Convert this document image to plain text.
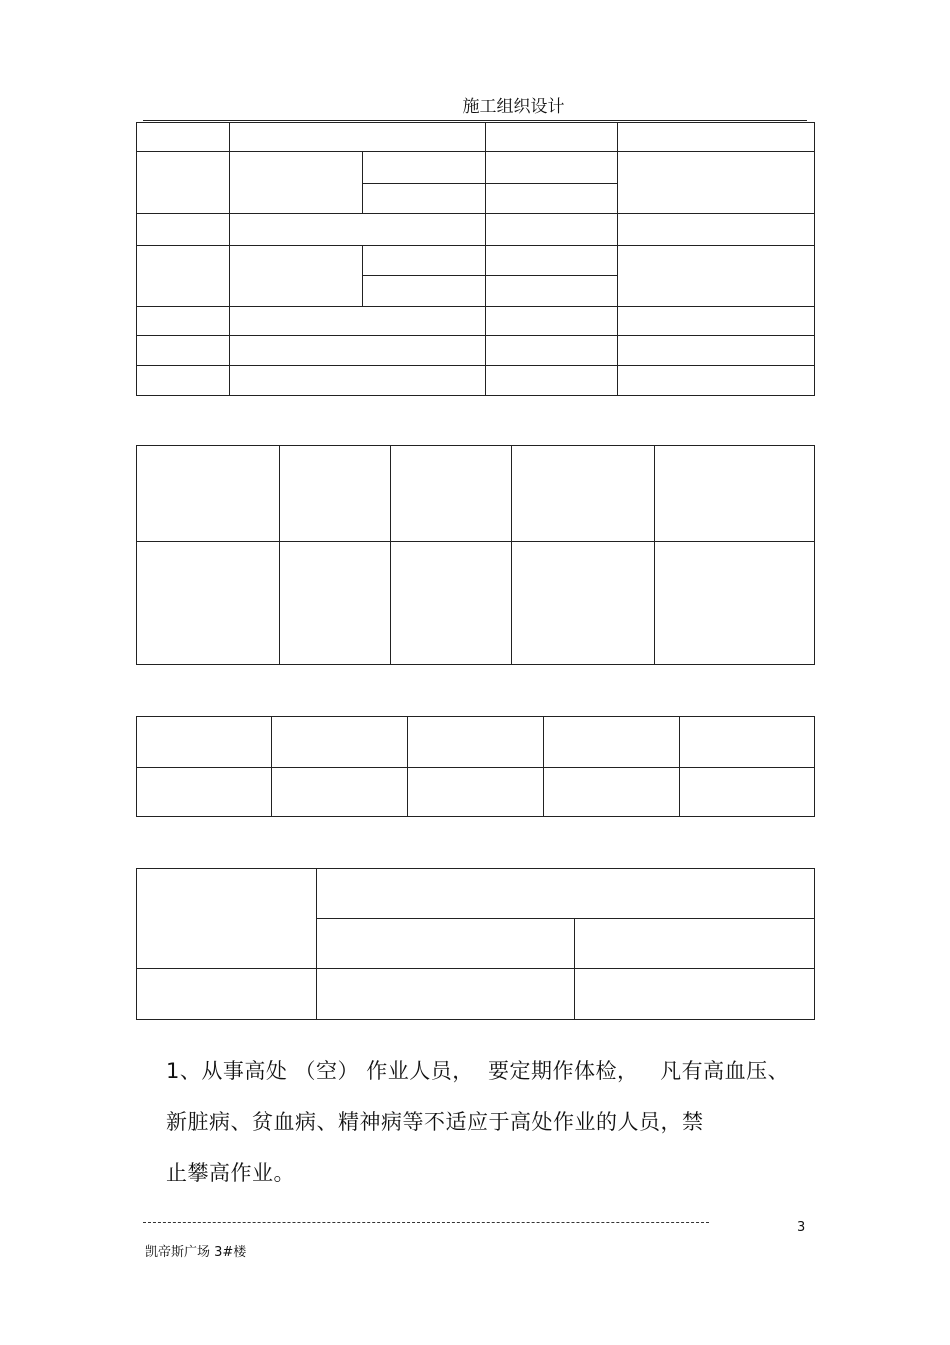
施工组织设计
1、从事高处 （空） 作业人员，  要定期作体检，   凡有高血压、
新脏病、贫血病、精神病等不适应于高处作业的人员，禁
止攀高作业。
3
凯帝斯广场 3#楼
